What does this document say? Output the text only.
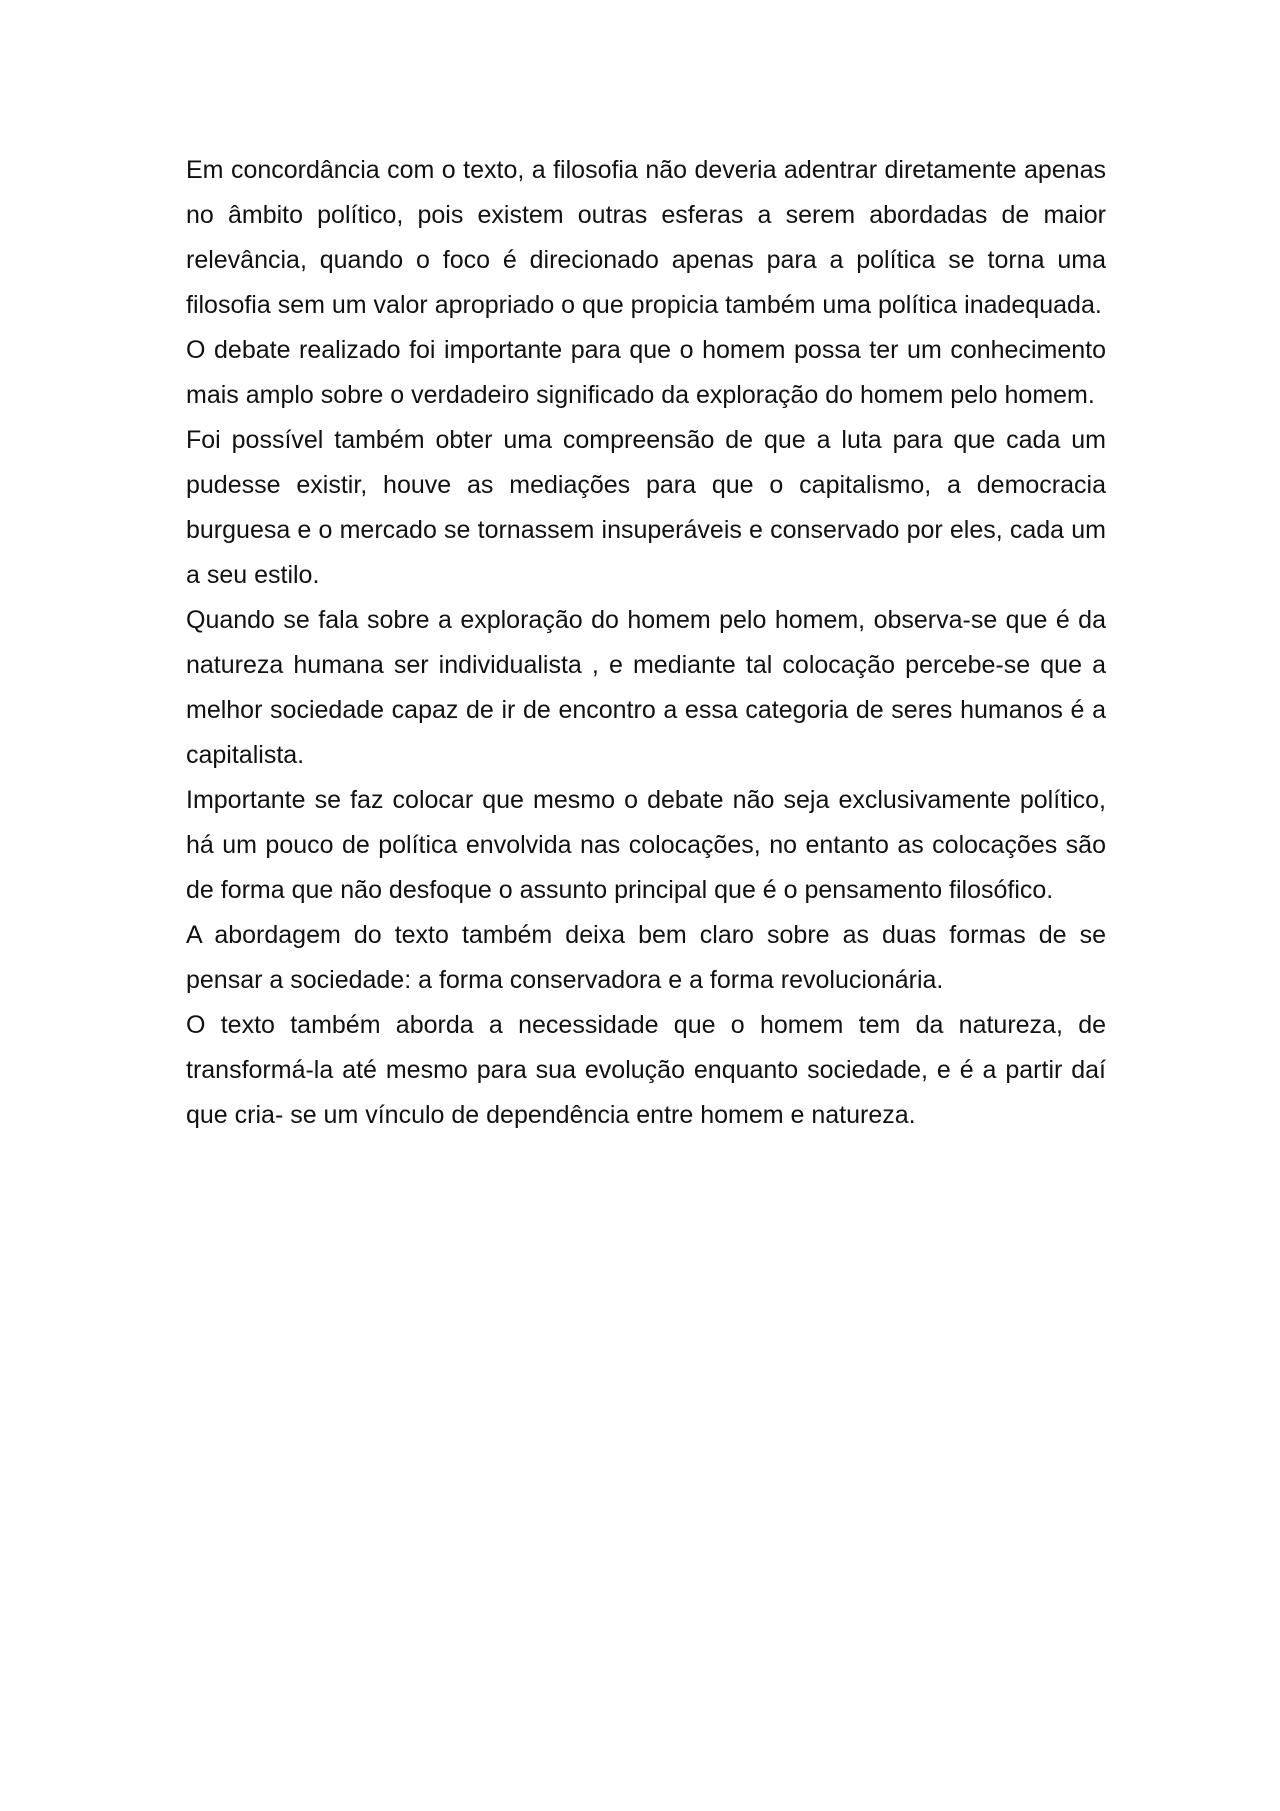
Em concordância com o texto, a filosofia não deveria adentrar diretamente apenas no âmbito político, pois existem outras esferas a serem abordadas de maior relevância, quando o foco é direcionado apenas para a política se torna uma filosofia sem um valor apropriado o que propicia também uma política inadequada.

O debate realizado foi importante para que o homem possa ter um conhecimento mais amplo sobre o verdadeiro significado da exploração do homem pelo homem.

Foi possível também obter uma compreensão de que a luta para que cada um pudesse existir, houve as mediações para que o capitalismo, a democracia burguesa e o mercado se tornassem insuperáveis e conservado por eles, cada um a seu estilo.

Quando se fala sobre a exploração do homem pelo homem, observa-se que é da natureza humana ser individualista , e mediante tal colocação percebe-se que a melhor sociedade capaz de ir de encontro a essa categoria de seres humanos é a capitalista.

Importante se faz colocar que mesmo o debate não seja exclusivamente político, há um pouco de política envolvida nas colocações, no entanto as colocações são de forma que não desfoque o assunto principal que é o pensamento filosófico.

A abordagem do texto também deixa bem claro sobre as duas formas de se pensar a sociedade: a forma conservadora e a forma revolucionária.

O texto também aborda a necessidade que o homem tem da natureza, de transformá-la até mesmo para sua evolução enquanto sociedade, e é a partir daí que cria- se um vínculo de dependência entre homem e natureza.
